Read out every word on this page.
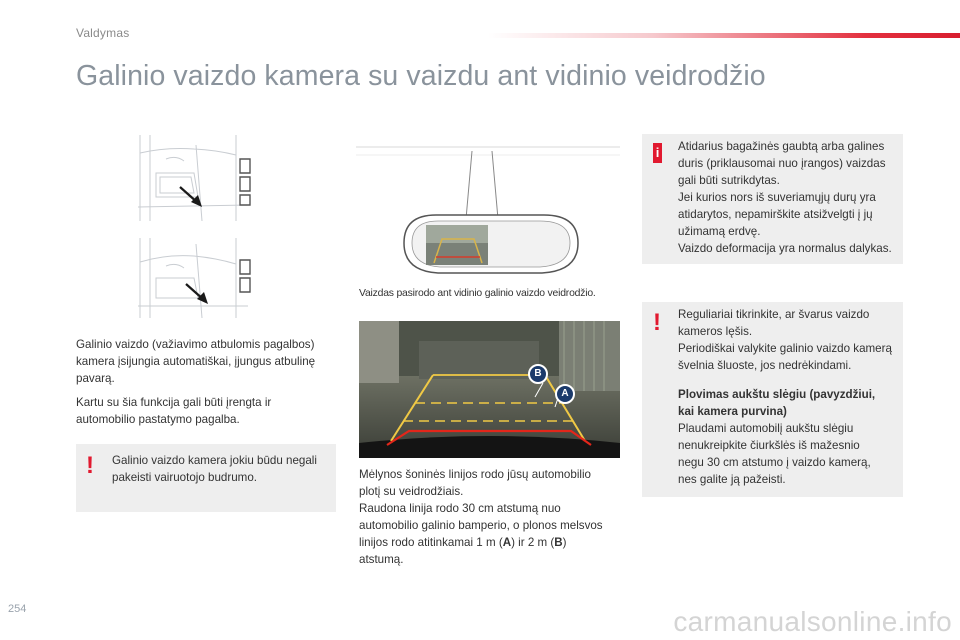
Valdymas
Galinio vaizdo kamera su vaizdu ant vidinio veidrodžio
Galinio vaizdo (važiavimo atbulomis pagalbos)
kamera įsijungia automatiškai, įjungus atbulinę
pavarą.
Kartu su šia funkcija gali būti įrengta ir
automobilio pastatymo pagalba.
! Galinio vaizdo kamera jokiu būdu negali
pakeisti vairuotojo budrumo.
Vaizdas pasirodo ant vidinio galinio vaizdo veidrodžio.
B
A
Mėlynos šoninės linijos rodo jūsų automobilio
plotį su veidrodžiais.
Raudona linija rodo 30 cm atstumą nuo
automobilio galinio bamperio, o plonos melsvos
linijos rodo atitinkamai 1 m (A) ir 2 m (B)
atstumą.
i Atidarius bagažinės gaubtą arba galines
duris (priklausomai nuo įrangos) vaizdas
gali būti sutrikdytas.
Jei kurios nors iš suveriamųjų durų yra
atidarytos, nepamirškite atsižvelgti į jų
užimamą erdvę.
Vaizdo deformacija yra normalus dalykas.
! Reguliariai tikrinkite, ar švarus vaizdo
kameros lęšis.
Periodiškai valykite galinio vaizdo kamerą
švelnia šluoste, jos nedrėkindami.
Plovimas aukštu slėgiu (pavyzdžiui,
kai kamera purvina)
Plaudami automobilį aukštu slėgiu
nenukreipkite čiurkšlės iš mažesnio
negu 30 cm atstumo į vaizdo kamerą,
nes galite ją pažeisti.
254	carmanualsonline.info
